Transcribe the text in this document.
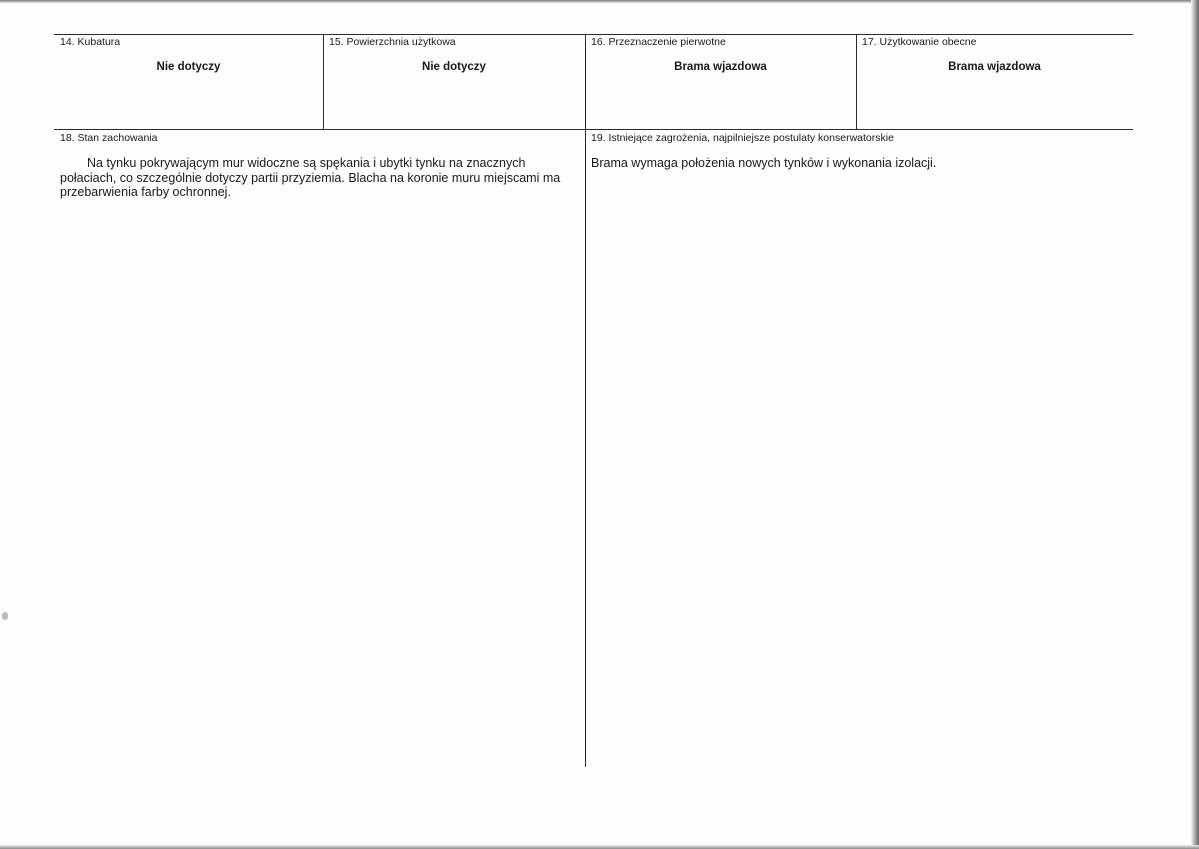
14. Kubatura
Nie dotyczy
15. Powierzchnia użytkowa
Nie dotyczy
16. Przeznaczenie pierwotne
Brama wjazdowa
17. Użytkowanie obecne
Brama wjazdowa
18. Stan zachowania
Na tynku pokrywającym mur widoczne są spękania i ubytki tynku na znacznych połaciach, co szczególnie dotyczy partii przyziemia. Blacha na koronie muru miejscami ma przebarwienia farby ochronnej.
19. Istniejące zagrożenia, najpilniejsze postulaty konserwatorskie
Brama wymaga położenia nowych tynków i wykonania izolacji.
